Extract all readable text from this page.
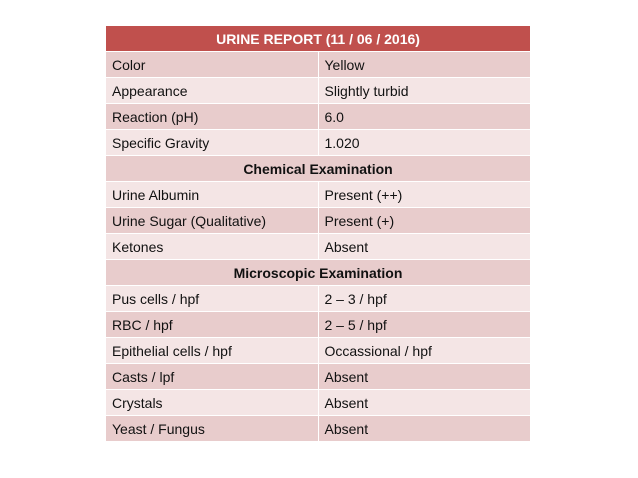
URINE REPORT (11 / 06 / 2016)	
Color	Yellow
Appearance	Slightly turbid
Reaction (pH)	6.0
Specific Gravity	1.020
Chemical Examination	
Urine Albumin	Present (++)
Urine Sugar (Qualitative)	Present (+)
Ketones	Absent
Microscopic Examination	
Pus cells / hpf	2 – 3 / hpf
RBC / hpf	2 – 5 / hpf
Epithelial cells / hpf	Occassional / hpf
Casts / lpf	Absent
Crystals	Absent
Yeast / Fungus	Absent
